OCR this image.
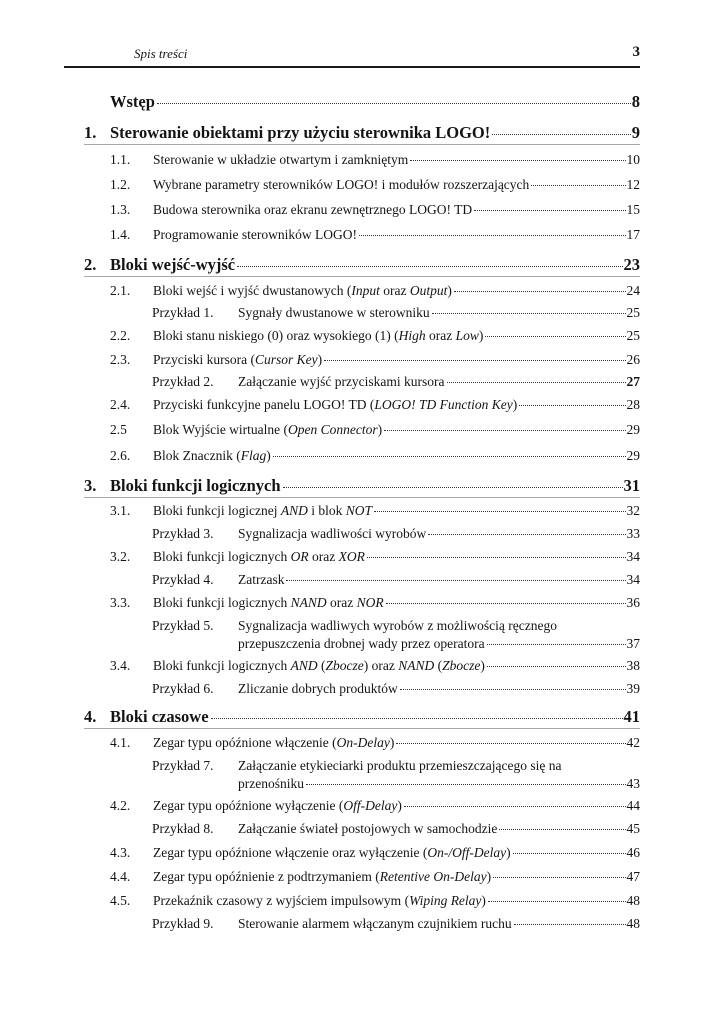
Spis treści	3
Wstęp	8
1. Sterowanie obiektami przy użyciu sterownika LOGO!	9
1.1. Sterowanie w układzie otwartym i zamkniętym	10
1.2. Wybrane parametry sterowników LOGO! i modułów rozszerzających	12
1.3. Budowa sterownika oraz ekranu zewnętrznego LOGO! TD	15
1.4. Programowanie sterowników LOGO!	17
2. Bloki wejść-wyjść	23
2.1. Bloki wejść i wyjść dwustanowych (Input oraz Output)	24
Przykład 1. Sygnały dwustanowe w sterowniku	25
2.2. Bloki stanu niskiego (0) oraz wysokiego (1) (High oraz Low)	25
2.3. Przyciski kursora (Cursor Key)	26
Przykład 2. Załączanie wyjść przyciskami kursora	27
2.4. Przyciski funkcyjne panelu LOGO! TD (LOGO! TD Function Key)	28
2.5 Blok Wyjście wirtualne (Open Connector)	29
2.6. Blok Znacznik (Flag)	29
3. Bloki funkcji logicznych	31
3.1. Bloki funkcji logicznej AND i blok NOT	32
Przykład 3. Sygnalizacja wadliwości wyrobów	33
3.2. Bloki funkcji logicznych OR oraz XOR	34
Przykład 4. Zatrzask	34
3.3. Bloki funkcji logicznych NAND oraz NOR	36
Przykład 5. Sygnalizacja wadliwych wyrobów z możliwością ręcznego
przepuszczenia drobnej wady przez operatora	37
3.4. Bloki funkcji logicznych AND (Zbocze) oraz NAND (Zbocze)	38
Przykład 6. Zliczanie dobrych produktów	39
4. Bloki czasowe	41
4.1. Zegar typu opóźnione włączenie (On-Delay)	42
Przykład 7. Załączanie etykieciarki produktu przemieszczającego się na
przenośniku	43
4.2. Zegar typu opóźnione wyłączenie (Off-Delay)	44
Przykład 8. Załączanie świateł postojowych w samochodzie	45
4.3. Zegar typu opóźnione włączenie oraz wyłączenie (On-/Off-Delay)	46
4.4. Zegar typu opóźnienie z podtrzymaniem (Retentive On-Delay)	47
4.5. Przekaźnik czasowy z wyjściem impulsowym (Wiping Relay)	48
Przykład 9. Sterowanie alarmem włączanym czujnikiem ruchu	48
